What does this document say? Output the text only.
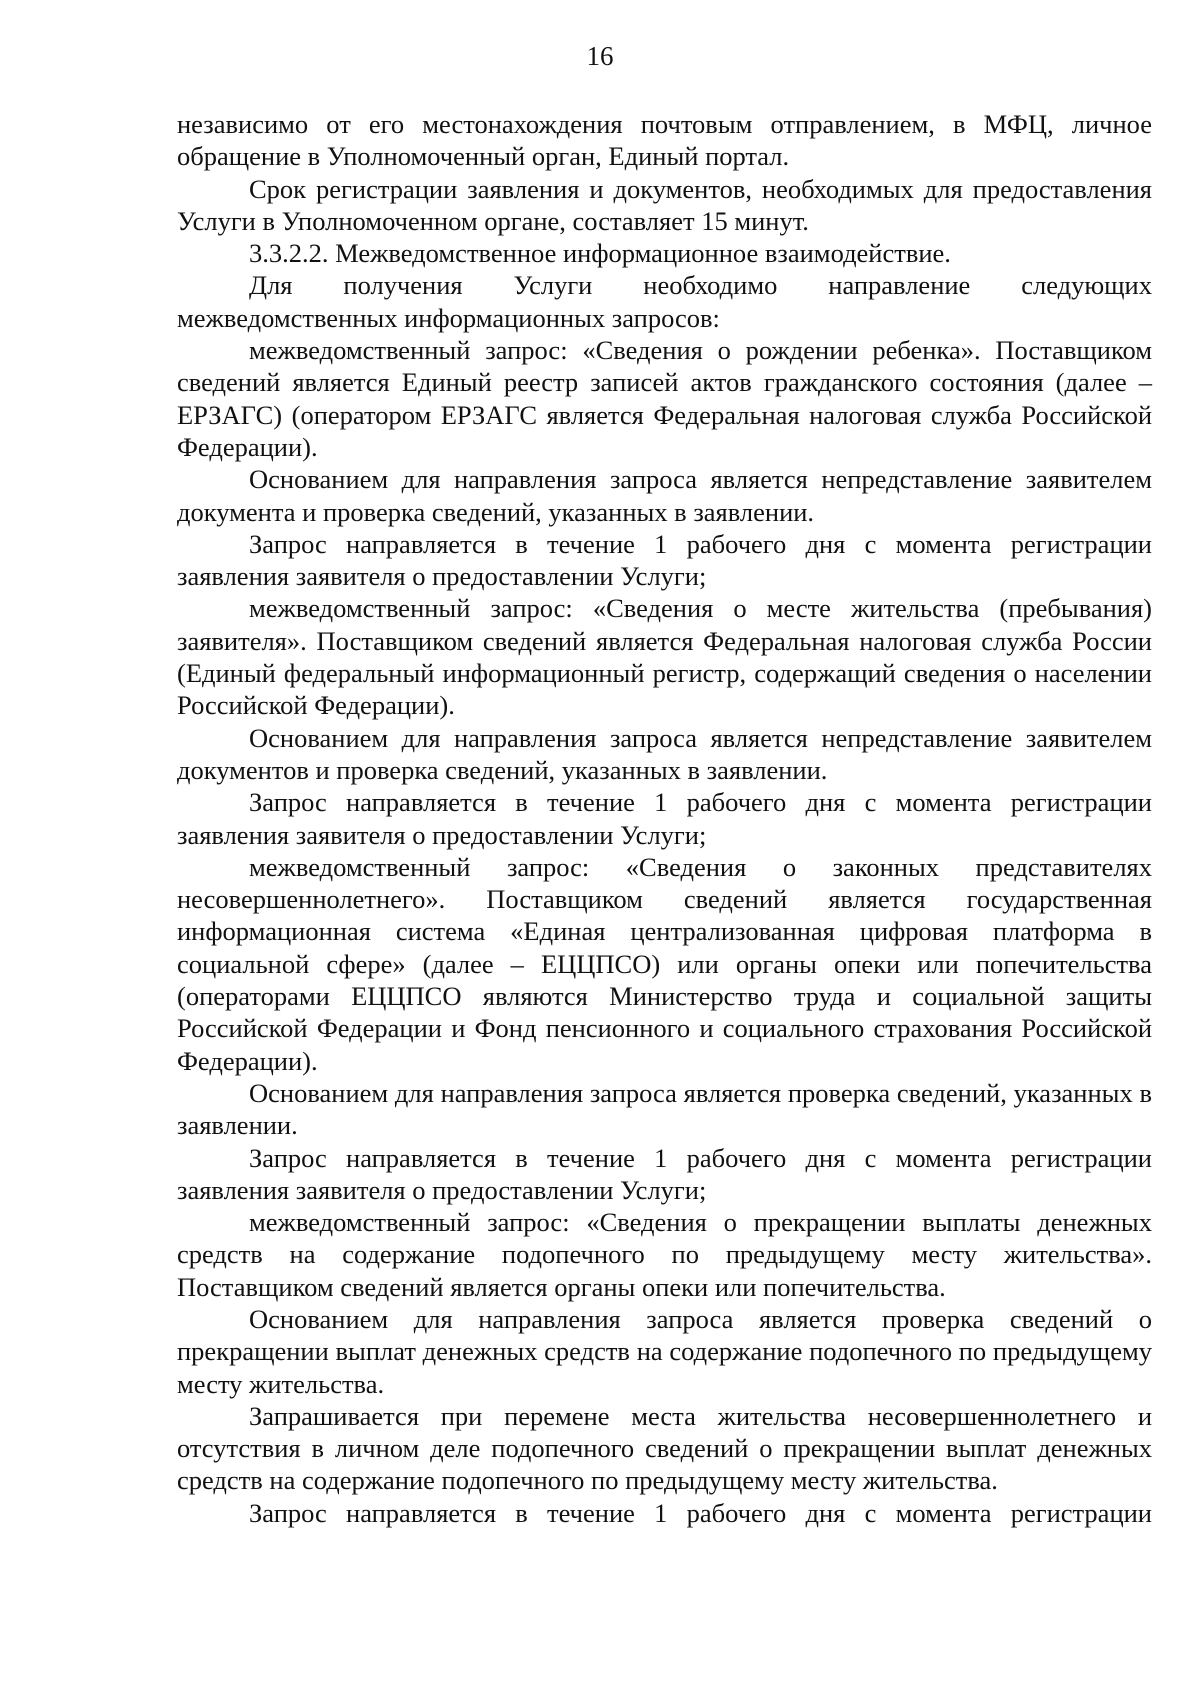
16

независимо от его местонахождения почтовым отправлением, в МФЦ, личное обращение в Уполномоченный орган, Единый портал.

Срок регистрации заявления и документов, необходимых для предоставления Услуги в Уполномоченном органе, составляет 15 минут.

3.3.2.2. Межведомственное информационное взаимодействие.

Для получения Услуги необходимо направление следующих межведомственных информационных запросов:

межведомственный запрос: «Сведения о рождении ребенка». Поставщиком сведений является Единый реестр записей актов гражданского состояния (далее – ЕРЗАГС) (оператором ЕРЗАГС является Федеральная налоговая служба Российской Федерации).

Основанием для направления запроса является непредставление заявителем документа и проверка сведений, указанных в заявлении.

Запрос направляется в течение 1 рабочего дня с момента регистрации заявления заявителя о предоставлении Услуги;

межведомственный запрос: «Сведения о месте жительства (пребывания) заявителя». Поставщиком сведений является Федеральная налоговая служба России (Единый федеральный информационный регистр, содержащий сведения о населении Российской Федерации).

Основанием для направления запроса является непредставление заявителем документов и проверка сведений, указанных в заявлении.

Запрос направляется в течение 1 рабочего дня с момента регистрации заявления заявителя о предоставлении Услуги;

межведомственный запрос: «Сведения о законных представителях несовершеннолетнего». Поставщиком сведений является государственная информационная система «Единая централизованная цифровая платформа в социальной сфере» (далее – ЕЦЦПСО) или органы опеки или попечительства (операторами ЕЦЦПСО являются Министерство труда и социальной защиты Российской Федерации и Фонд пенсионного и социального страхования Российской Федерации).

Основанием для направления запроса является проверка сведений, указанных в заявлении.

Запрос направляется в течение 1 рабочего дня с момента регистрации заявления заявителя о предоставлении Услуги;

межведомственный запрос: «Сведения о прекращении выплаты денежных средств на содержание подопечного по предыдущему месту жительства». Поставщиком сведений является органы опеки или попечительства.

Основанием для направления запроса является проверка сведений о прекращении выплат денежных средств на содержание подопечного по предыдущему месту жительства.

Запрашивается при перемене места жительства несовершеннолетнего и отсутствия в личном деле подопечного сведений о прекращении выплат денежных средств на содержание подопечного по предыдущему месту жительства.

Запрос направляется в течение 1 рабочего дня с момента регистрации
